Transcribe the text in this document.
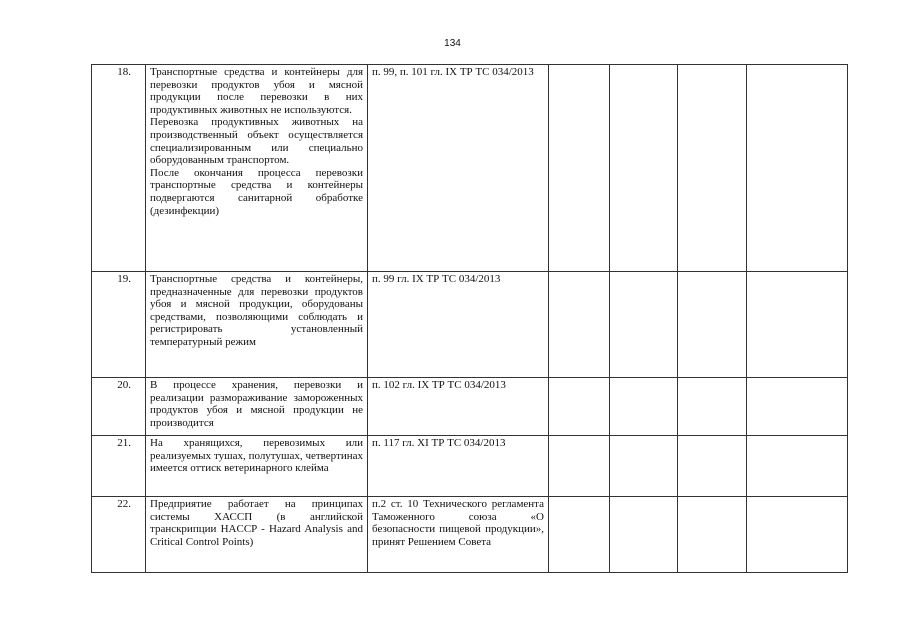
134
18.	Транспортные средства и контейнеры для перевозки продуктов убоя и мясной продукции после перевозки в них продуктивных животных не используются.
Перевозка продуктивных животных на производственный объект осуществляется специализированным или специально оборудованным транспортом.
После окончания процесса перевозки транспортные средства и контейнеры подвергаются санитарной обработке (дезинфекции)	п. 99, п. 101 гл. IX ТР ТС 034/2013				
19.	Транспортные средства и контейнеры, предназначенные для перевозки продуктов убоя и мясной продукции, оборудованы средствами, позволяющими соблюдать и регистрировать установленный температурный режим	п. 99 гл. IX ТР ТС 034/2013				
20.	В процессе хранения, перевозки и реализации размораживание замороженных продуктов убоя и мясной продукции не производится	п. 102 гл. IX ТР ТС 034/2013				
21.	На хранящихся, перевозимых или реализуемых тушах, полутушах, четвертинах имеется оттиск ветеринарного клейма	п. 117 гл. XI ТР ТС 034/2013				
22.	Предприятие работает на принципах системы ХАССП (в английской транскрипции HACCP - Hazard Analysis and Critical Control Points)	п.2 ст. 10 Технического регламента Таможенного союза «О безопасности пищевой продукции», принят Решением Совета				
